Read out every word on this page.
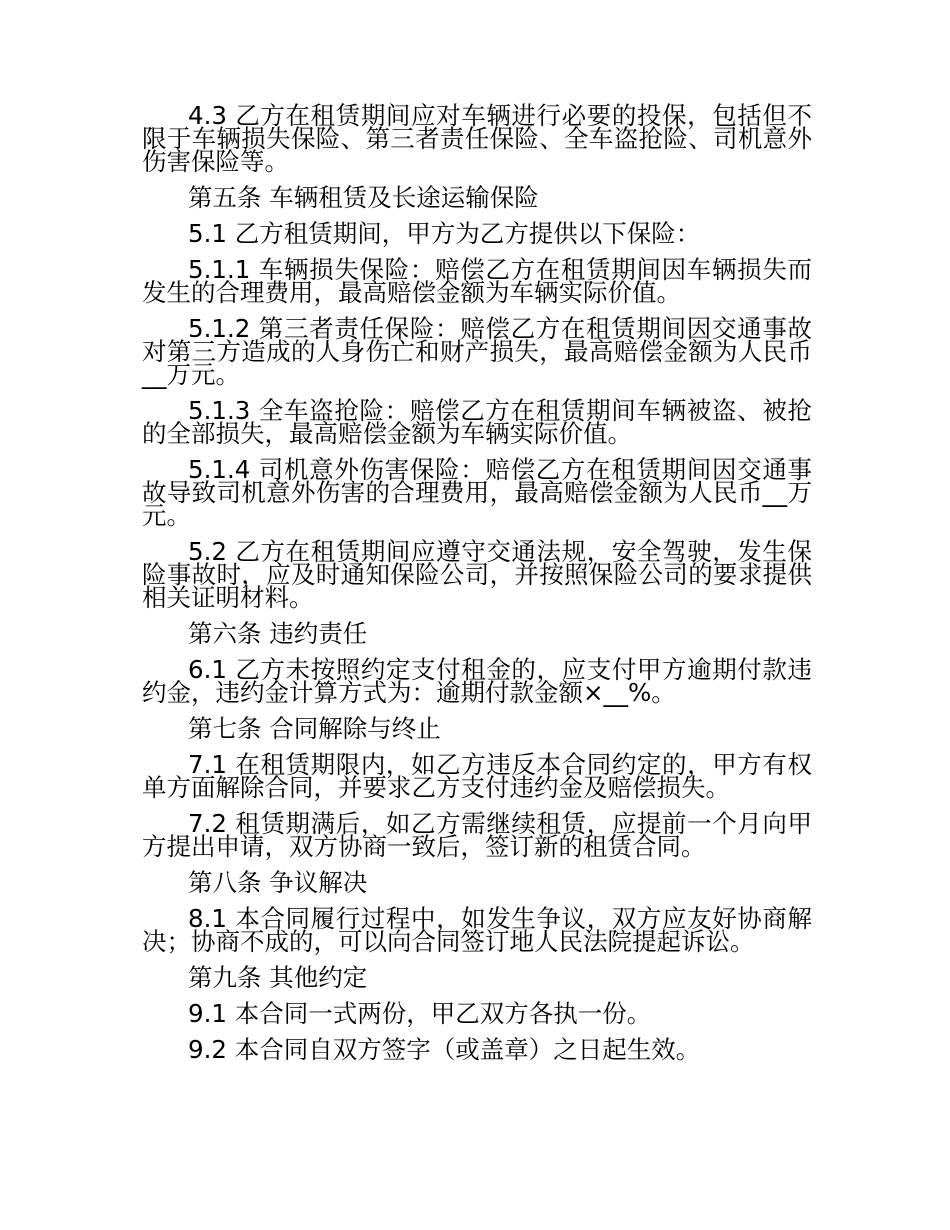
4.3 乙方在租赁期间应对车辆进行必要的投保，包括但不限于车辆损失保险、第三者责任保险、全车盗抢险、司机意外伤害保险等。

第五条 车辆租赁及长途运输保险

5.1 乙方租赁期间，甲方为乙方提供以下保险：

5.1.1 车辆损失保险：赔偿乙方在租赁期间因车辆损失而发生的合理费用，最高赔偿金额为车辆实际价值。

5.1.2 第三者责任保险：赔偿乙方在租赁期间因交通事故对第三方造成的人身伤亡和财产损失，最高赔偿金额为人民币__万元。

5.1.3 全车盗抢险：赔偿乙方在租赁期间车辆被盗、被抢的全部损失，最高赔偿金额为车辆实际价值。

5.1.4 司机意外伤害保险：赔偿乙方在租赁期间因交通事故导致司机意外伤害的合理费用，最高赔偿金额为人民币__万元。

5.2 乙方在租赁期间应遵守交通法规，安全驾驶，发生保险事故时，应及时通知保险公司，并按照保险公司的要求提供相关证明材料。

第六条 违约责任

6.1 乙方未按照约定支付租金的，应支付甲方逾期付款违约金，违约金计算方式为：逾期付款金额×__%。

第七条 合同解除与终止

7.1 在租赁期限内，如乙方违反本合同约定的，甲方有权单方面解除合同，并要求乙方支付违约金及赔偿损失。

7.2 租赁期满后，如乙方需继续租赁，应提前一个月向甲方提出申请，双方协商一致后，签订新的租赁合同。

第八条 争议解决

8.1 本合同履行过程中，如发生争议，双方应友好协商解决；协商不成的，可以向合同签订地人民法院提起诉讼。

第九条 其他约定

9.1 本合同一式两份，甲乙双方各执一份。

9.2 本合同自双方签字（或盖章）之日起生效。
